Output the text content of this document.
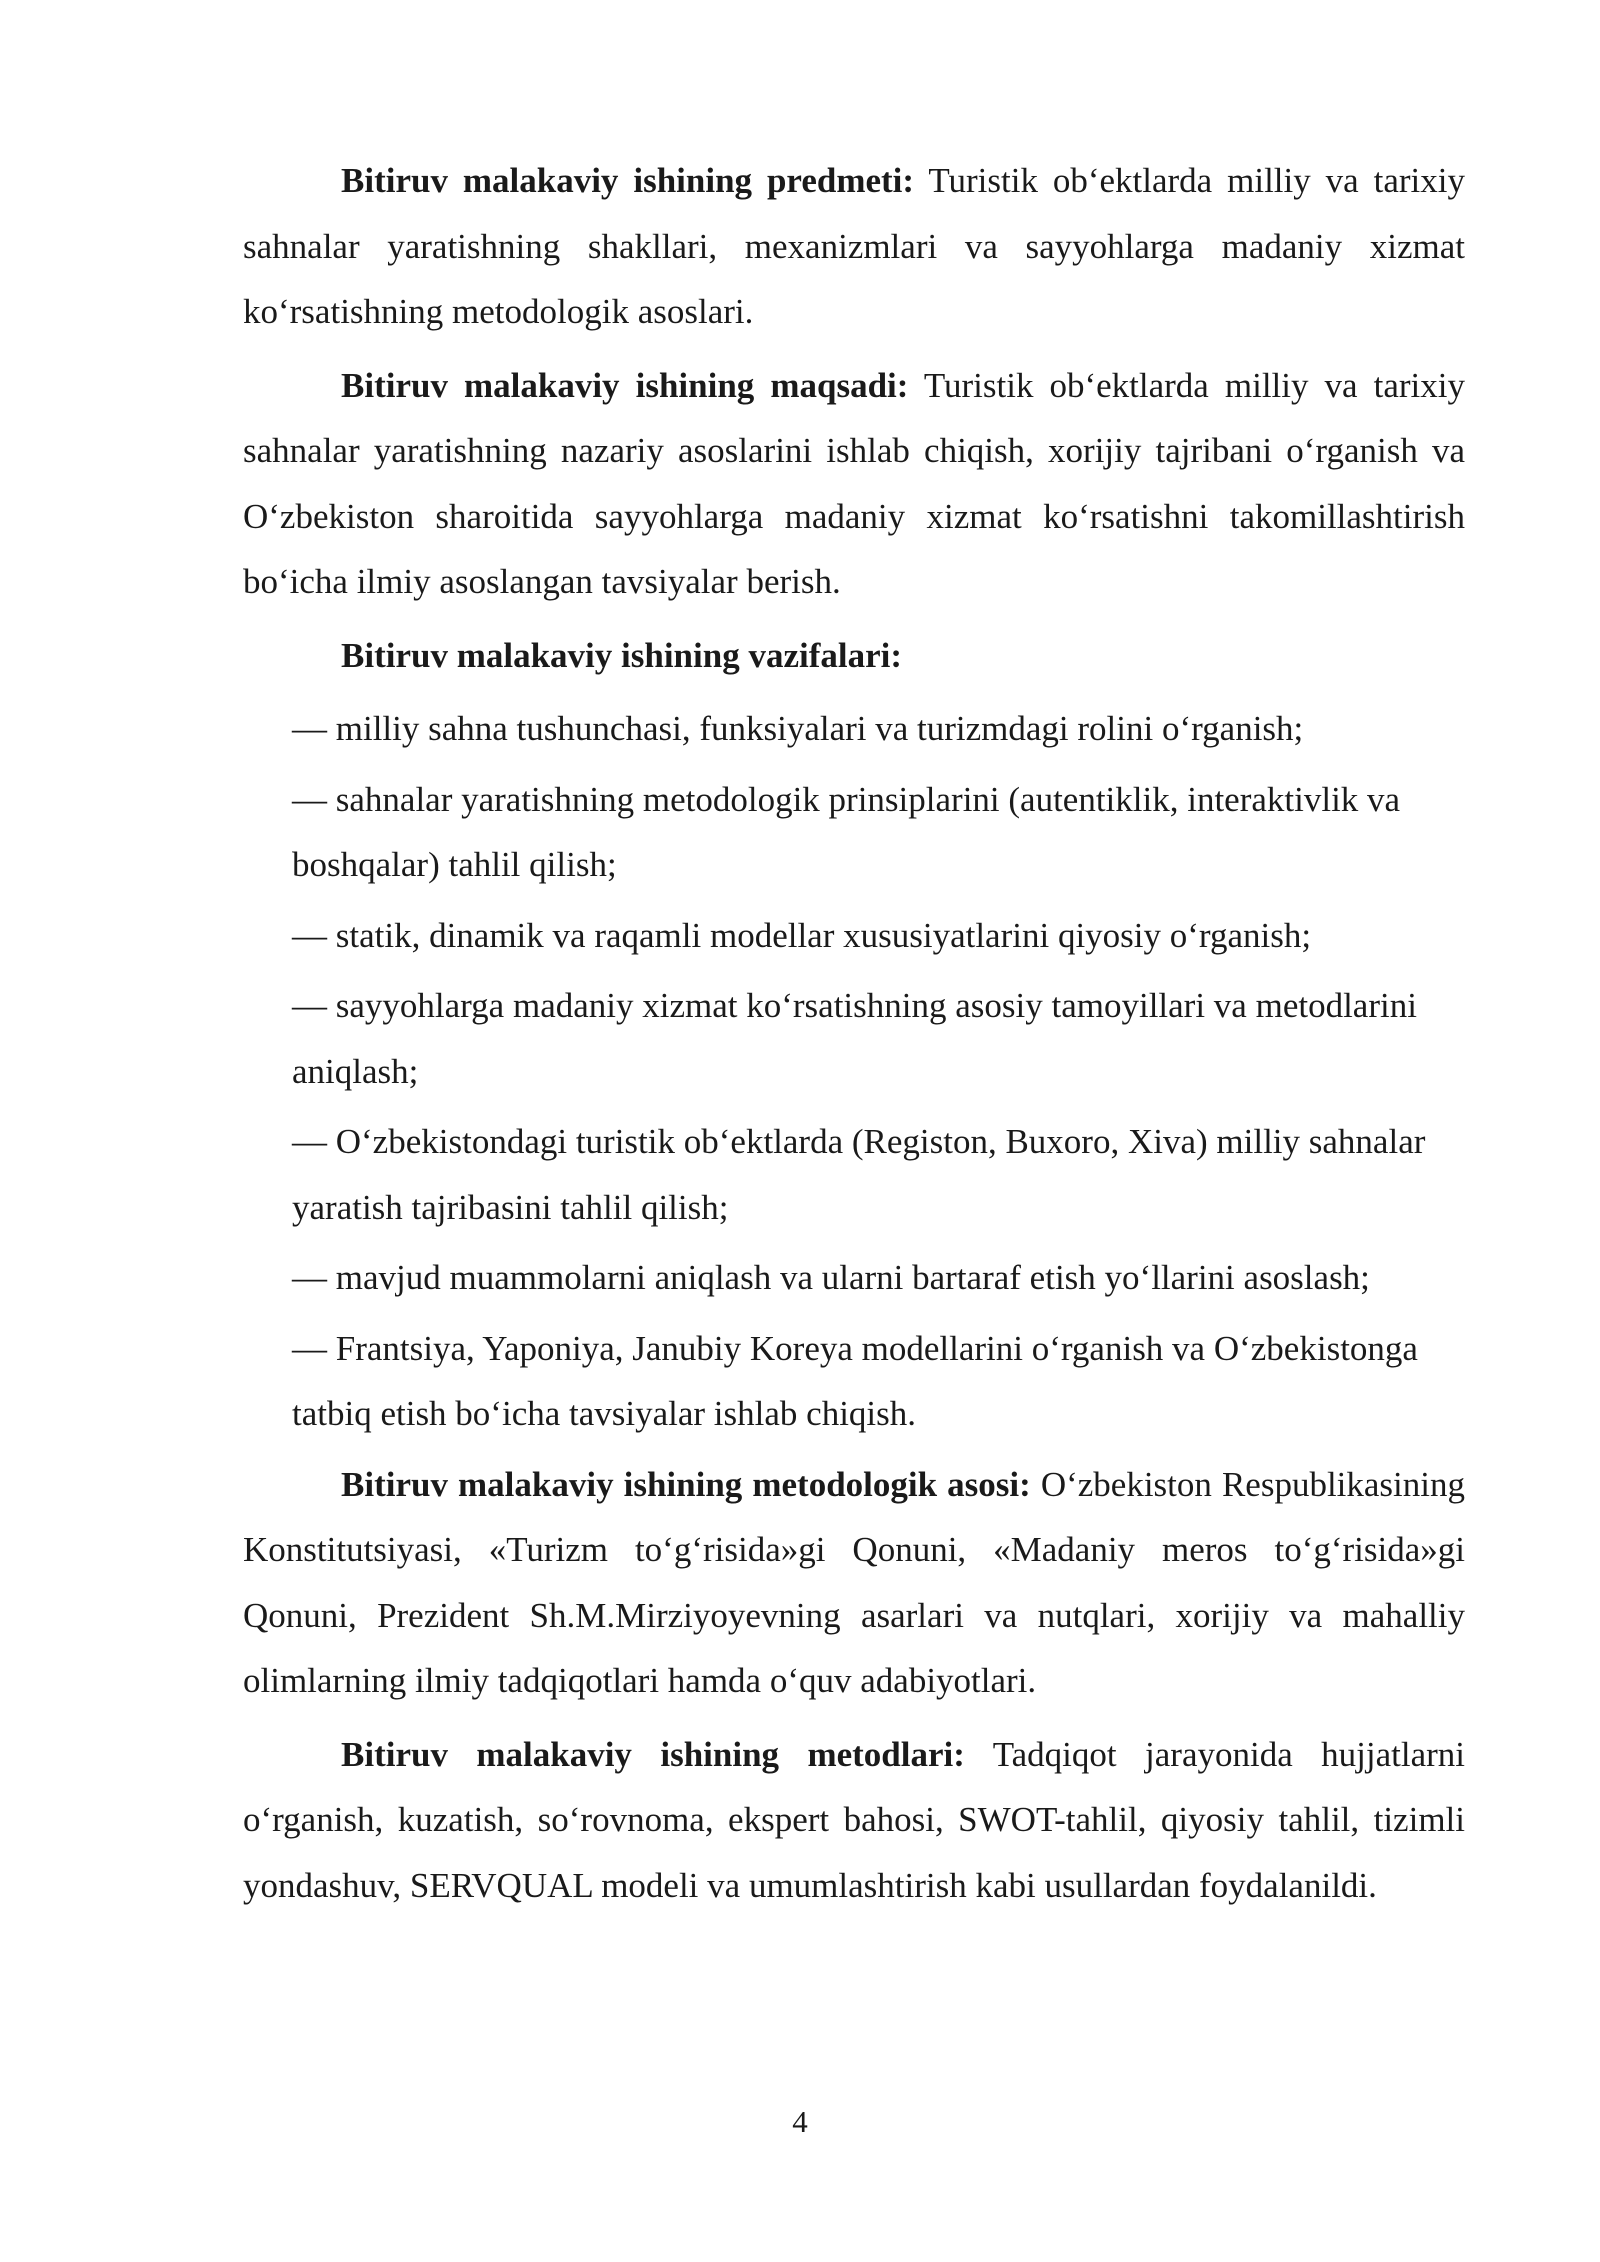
Bitiruv malakaviy ishining predmeti: Turistik ob‘ektlarda milliy va tarixiy sahnalar yaratishning shakllari, mexanizmlari va sayyohlarga madaniy xizmat ko‘rsatishning metodologik asoslari.

Bitiruv malakaviy ishining maqsadi: Turistik ob‘ektlarda milliy va tarixiy sahnalar yaratishning nazariy asoslarini ishlab chiqish, xorijiy tajribani o‘rganish va O‘zbekiston sharoitida sayyohlarga madaniy xizmat ko‘rsatishni takomillashtirish bo‘icha ilmiy asoslangan tavsiyalar berish.

Bitiruv malakaviy ishining vazifalari:

— milliy sahna tushunchasi, funksiyalari va turizmdagi rolini o‘rganish;

— sahnalar yaratishning metodologik prinsiplarini (autentiklik, interaktivlik va boshqalar) tahlil qilish;

— statik, dinamik va raqamli modellar xususiyatlarini qiyosiy o‘rganish;

— sayyohlarga madaniy xizmat ko‘rsatishning asosiy tamoyillari va metodlarini aniqlash;

— O‘zbekistondagi turistik ob‘ektlarda (Registon, Buxoro, Xiva) milliy sahnalar yaratish tajribasini tahlil qilish;

— mavjud muammolarni aniqlash va ularni bartaraf etish yo‘llarini asoslash;

— Frantsiya, Yaponiya, Janubiy Koreya modellarini o‘rganish va O‘zbekistonga tatbiq etish bo‘icha tavsiyalar ishlab chiqish.

Bitiruv malakaviy ishining metodologik asosi: O‘zbekiston Respublikasining Konstitutsiyasi, «Turizm to‘g‘risida»gi Qonuni, «Madaniy meros to‘g‘risida»gi Qonuni, Prezident Sh.M.Mirziyoyevning asarlari va nutqlari, xorijiy va mahalliy olimlarning ilmiy tadqiqotlari hamda o‘quv adabiyotlari.

Bitiruv malakaviy ishining metodlari: Tadqiqot jarayonida hujjatlarni o‘rganish, kuzatish, so‘rovnoma, ekspert bahosi, SWOT-tahlil, qiyosiy tahlil, tizimli yondashuv, SERVQUAL modeli va umumlashtirish kabi usullardan foydalanildi.

4
